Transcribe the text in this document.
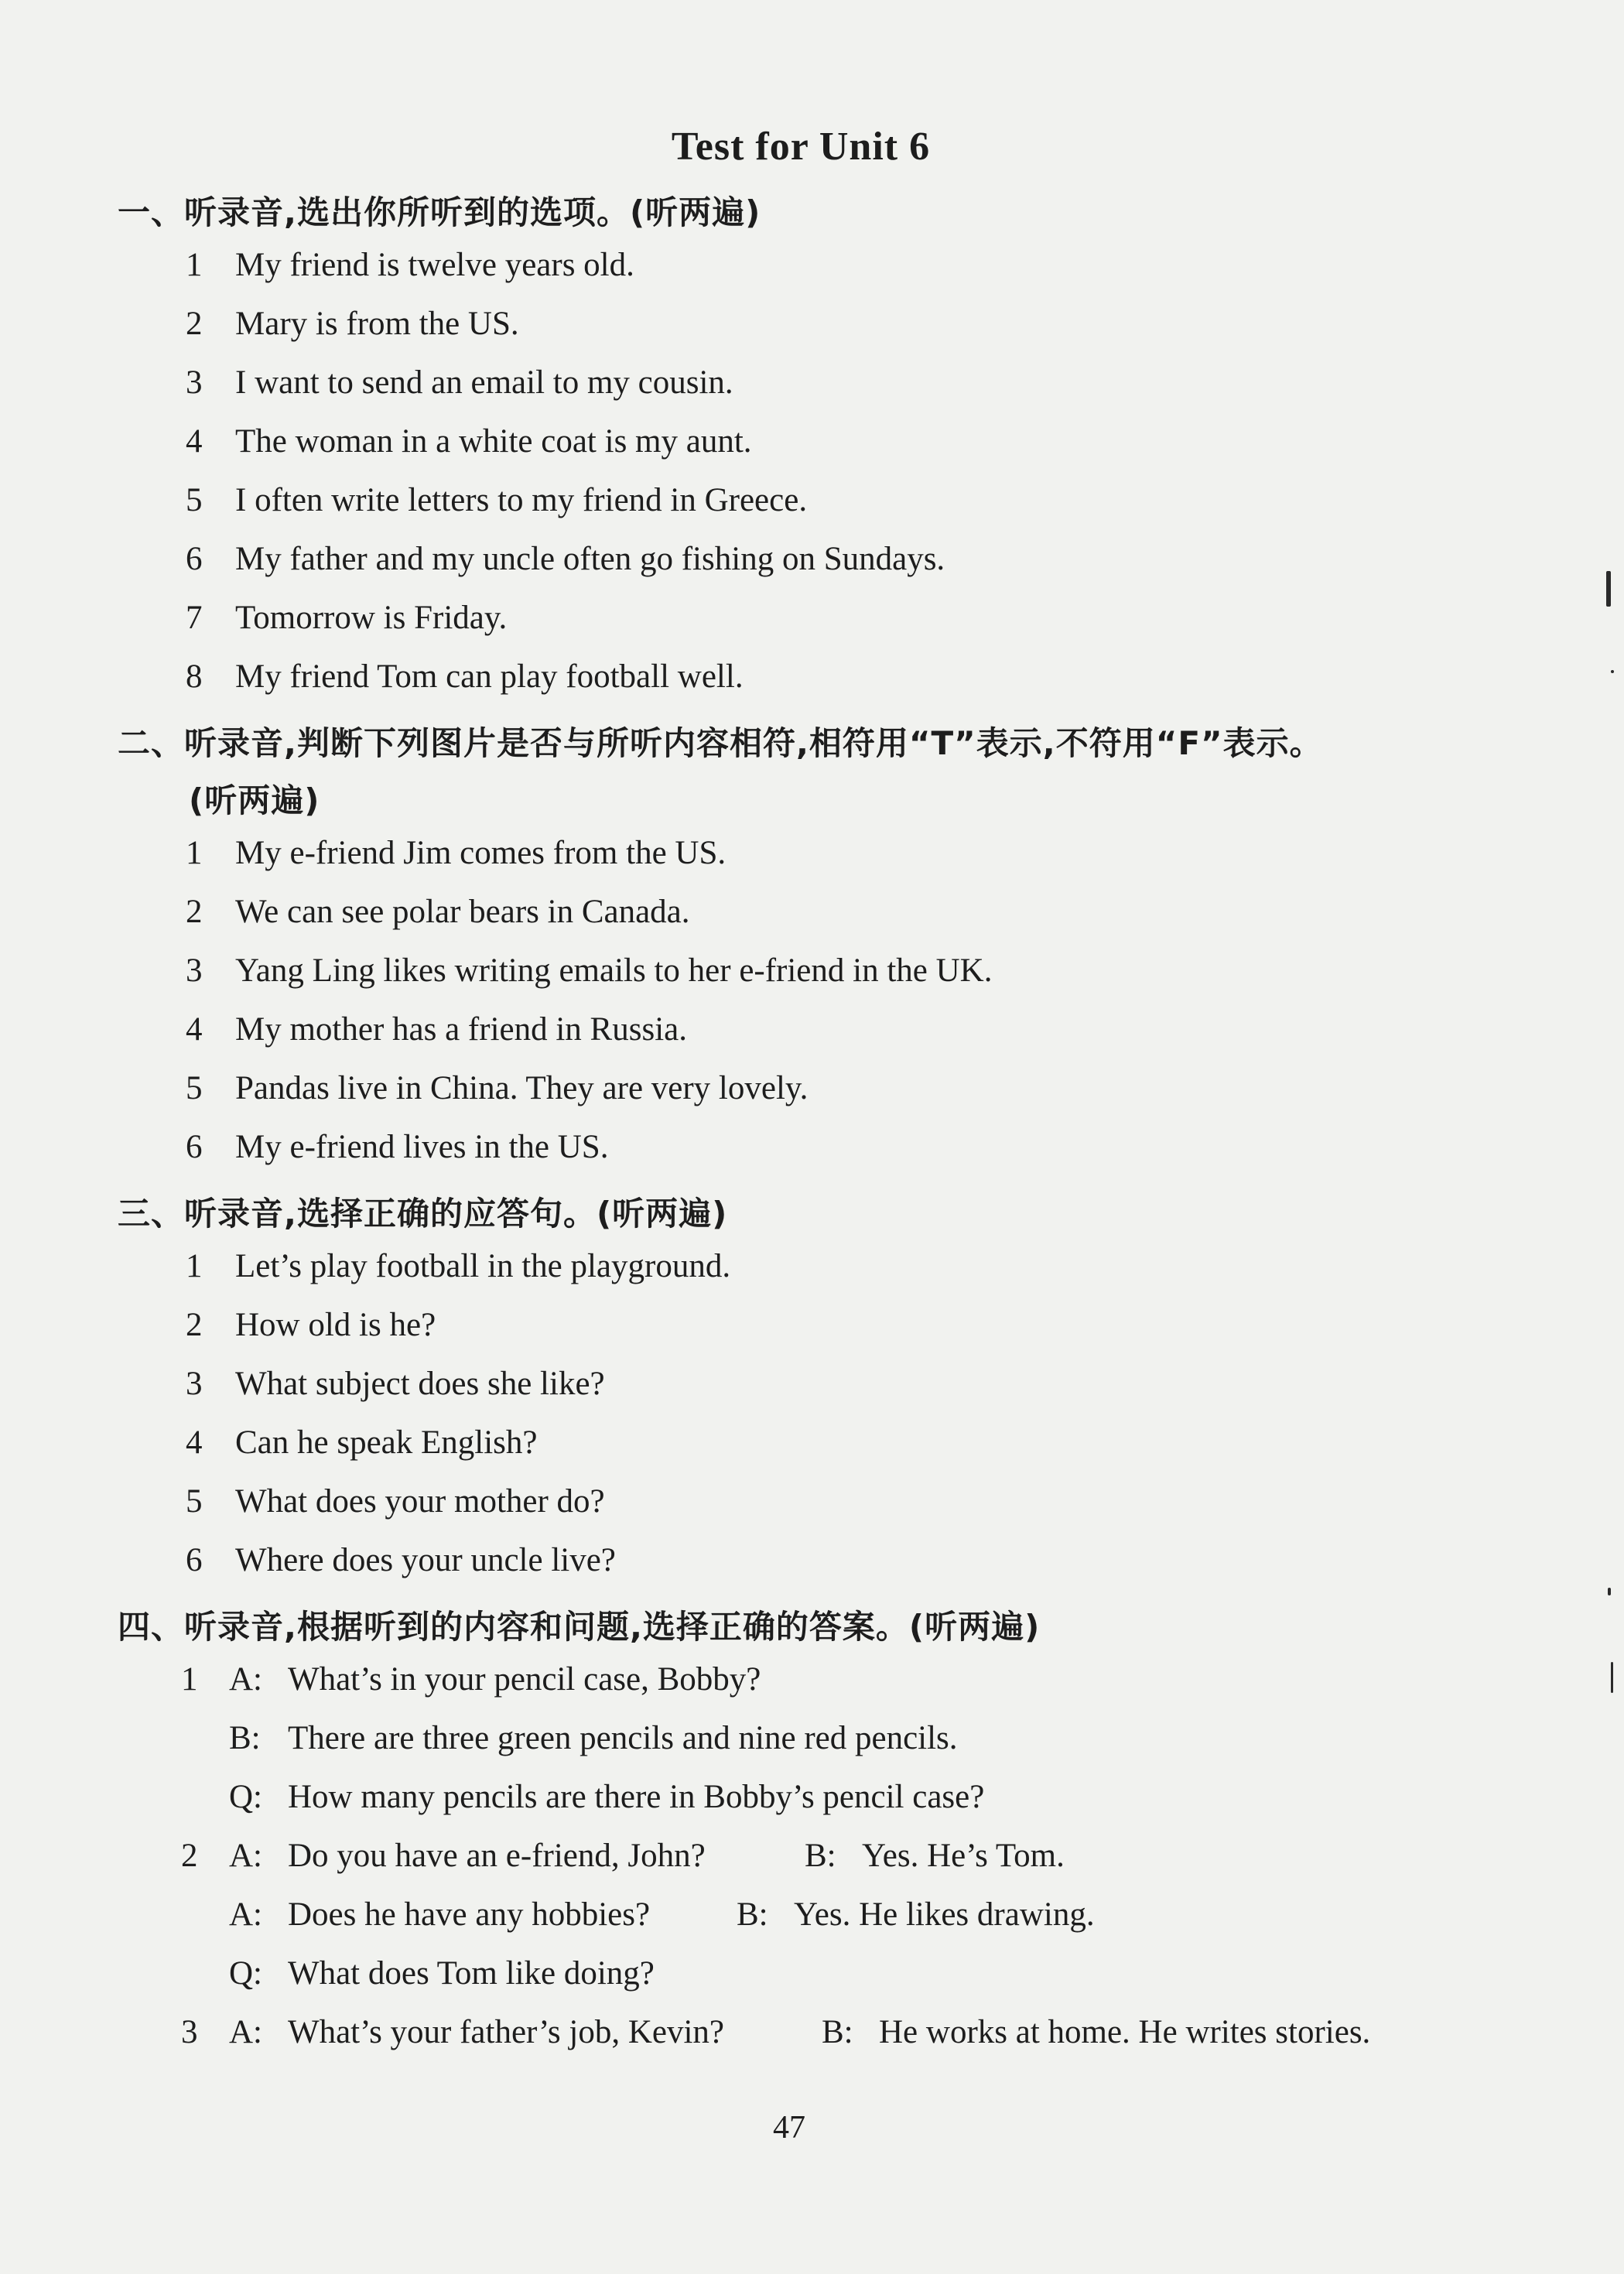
Test for Unit 6
一、听录音,选出你所听到的选项。(听两遍)
1 My friend is twelve years old.
2 Mary is from the US.
3 I want to send an email to my cousin.
4 The woman in a white coat is my aunt.
5 I often write letters to my friend in Greece.
6 My father and my uncle often go fishing on Sundays.
7 Tomorrow is Friday.
8 My friend Tom can play football well.
二、听录音,判断下列图片是否与所听内容相符,相符用“T”表示,不符用“F”表示。
(听两遍)
1 My e-friend Jim comes from the US.
2 We can see polar bears in Canada.
3 Yang Ling likes writing emails to her e-friend in the UK.
4 My mother has a friend in Russia.
5 Pandas live in China. They are very lovely.
6 My e-friend lives in the US.
三、听录音,选择正确的应答句。(听两遍)
1 Let’s play football in the playground.
2 How old is he?
3 What subject does she like?
4 Can he speak English?
5 What does your mother do?
6 Where does your uncle live?
四、听录音,根据听到的内容和问题,选择正确的答案。(听两遍)
1 A: What’s in your pencil case, Bobby?
B: There are three green pencils and nine red pencils.
Q: How many pencils are there in Bobby’s pencil case?
2 A: Do you have an e-friend, John?	B: Yes. He’s Tom.
A: Does he have any hobbies?	B: Yes. He likes drawing.
Q: What does Tom like doing?
3 A: What’s your father’s job, Kevin?	B: He works at home. He writes stories.
47
